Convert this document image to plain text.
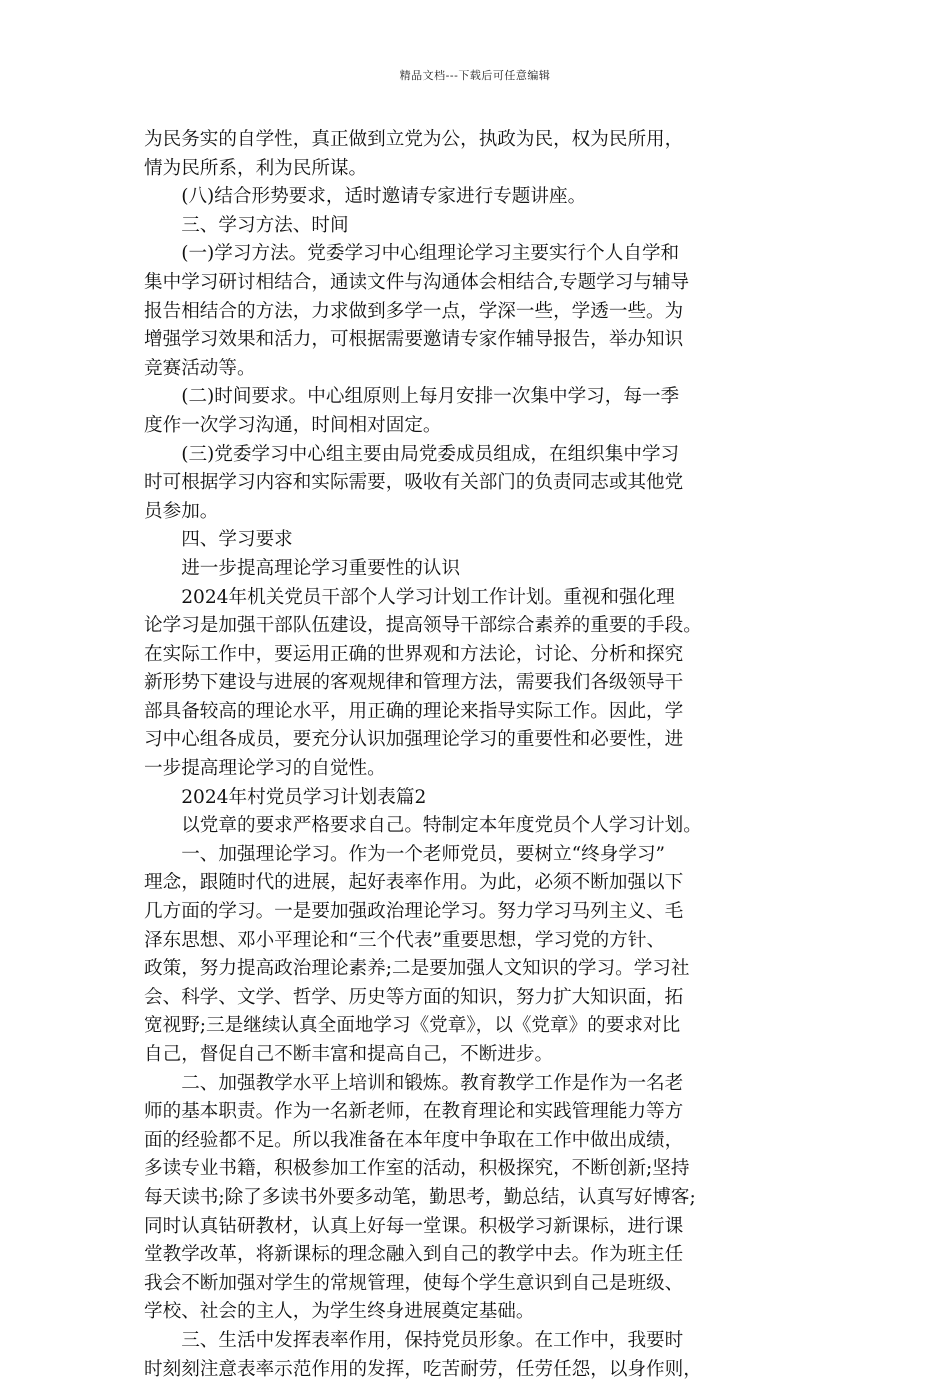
精品文档---下载后可任意编辑
为民务实的自学性，真正做到立党为公，执政为民，权为民所用，
情为民所系，利为民所谋。
　　(八)结合形势要求，适时邀请专家进行专题讲座。
　　三、学习方法、时间
　　(一)学习方法。党委学习中心组理论学习主要实行个人自学和
集中学习研讨相结合，通读文件与沟通体会相结合,专题学习与辅导
报告相结合的方法，力求做到多学一点，学深一些，学透一些。为
增强学习效果和活力，可根据需要邀请专家作辅导报告，举办知识
竞赛活动等。
　　(二)时间要求。中心组原则上每月安排一次集中学习，每一季
度作一次学习沟通，时间相对固定。
　　(三)党委学习中心组主要由局党委成员组成，在组织集中学习
时可根据学习内容和实际需要，吸收有关部门的负责同志或其他党
员参加。
　　四、学习要求
　　进一步提高理论学习重要性的认识
　　2024年机关党员干部个人学习计划工作计划。重视和强化理
论学习是加强干部队伍建设，提高领导干部综合素养的重要的手段。
在实际工作中，要运用正确的世界观和方法论，讨论、分析和探究
新形势下建设与进展的客观规律和管理方法，需要我们各级领导干
部具备较高的理论水平，用正确的理论来指导实际工作。因此，学
习中心组各成员，要充分认识加强理论学习的重要性和必要性，进
一步提高理论学习的自觉性。
　　2024年村党员学习计划表篇2
　　以党章的要求严格要求自己。特制定本年度党员个人学习计划。
　　一、加强理论学习。作为一个老师党员，要树立“终身学习”
理念，跟随时代的进展，起好表率作用。为此，必须不断加强以下
几方面的学习。一是要加强政治理论学习。努力学习马列主义、毛
泽东思想、邓小平理论和“三个代表”重要思想，学习党的方针、
政策，努力提高政治理论素养;二是要加强人文知识的学习。学习社
会、科学、文学、哲学、历史等方面的知识，努力扩大知识面，拓
宽视野;三是继续认真全面地学习《党章》，以《党章》的要求对比
自己，督促自己不断丰富和提高自己，不断进步。
　　二、加强教学水平上培训和锻炼。教育教学工作是作为一名老
师的基本职责。作为一名新老师，在教育理论和实践管理能力等方
面的经验都不足。所以我准备在本年度中争取在工作中做出成绩，
多读专业书籍，积极参加工作室的活动，积极探究，不断创新;坚持
每天读书;除了多读书外要多动笔，勤思考，勤总结，认真写好博客;
同时认真钻研教材，认真上好每一堂课。积极学习新课标，进行课
堂教学改革，将新课标的理念融入到自己的教学中去。作为班主任
我会不断加强对学生的常规管理，使每个学生意识到自己是班级、
学校、社会的主人，为学生终身进展奠定基础。
　　三、生活中发挥表率作用，保持党员形象。在工作中，我要时
时刻刻注意表率示范作用的发挥，吃苦耐劳，任劳任怨，以身作则，
